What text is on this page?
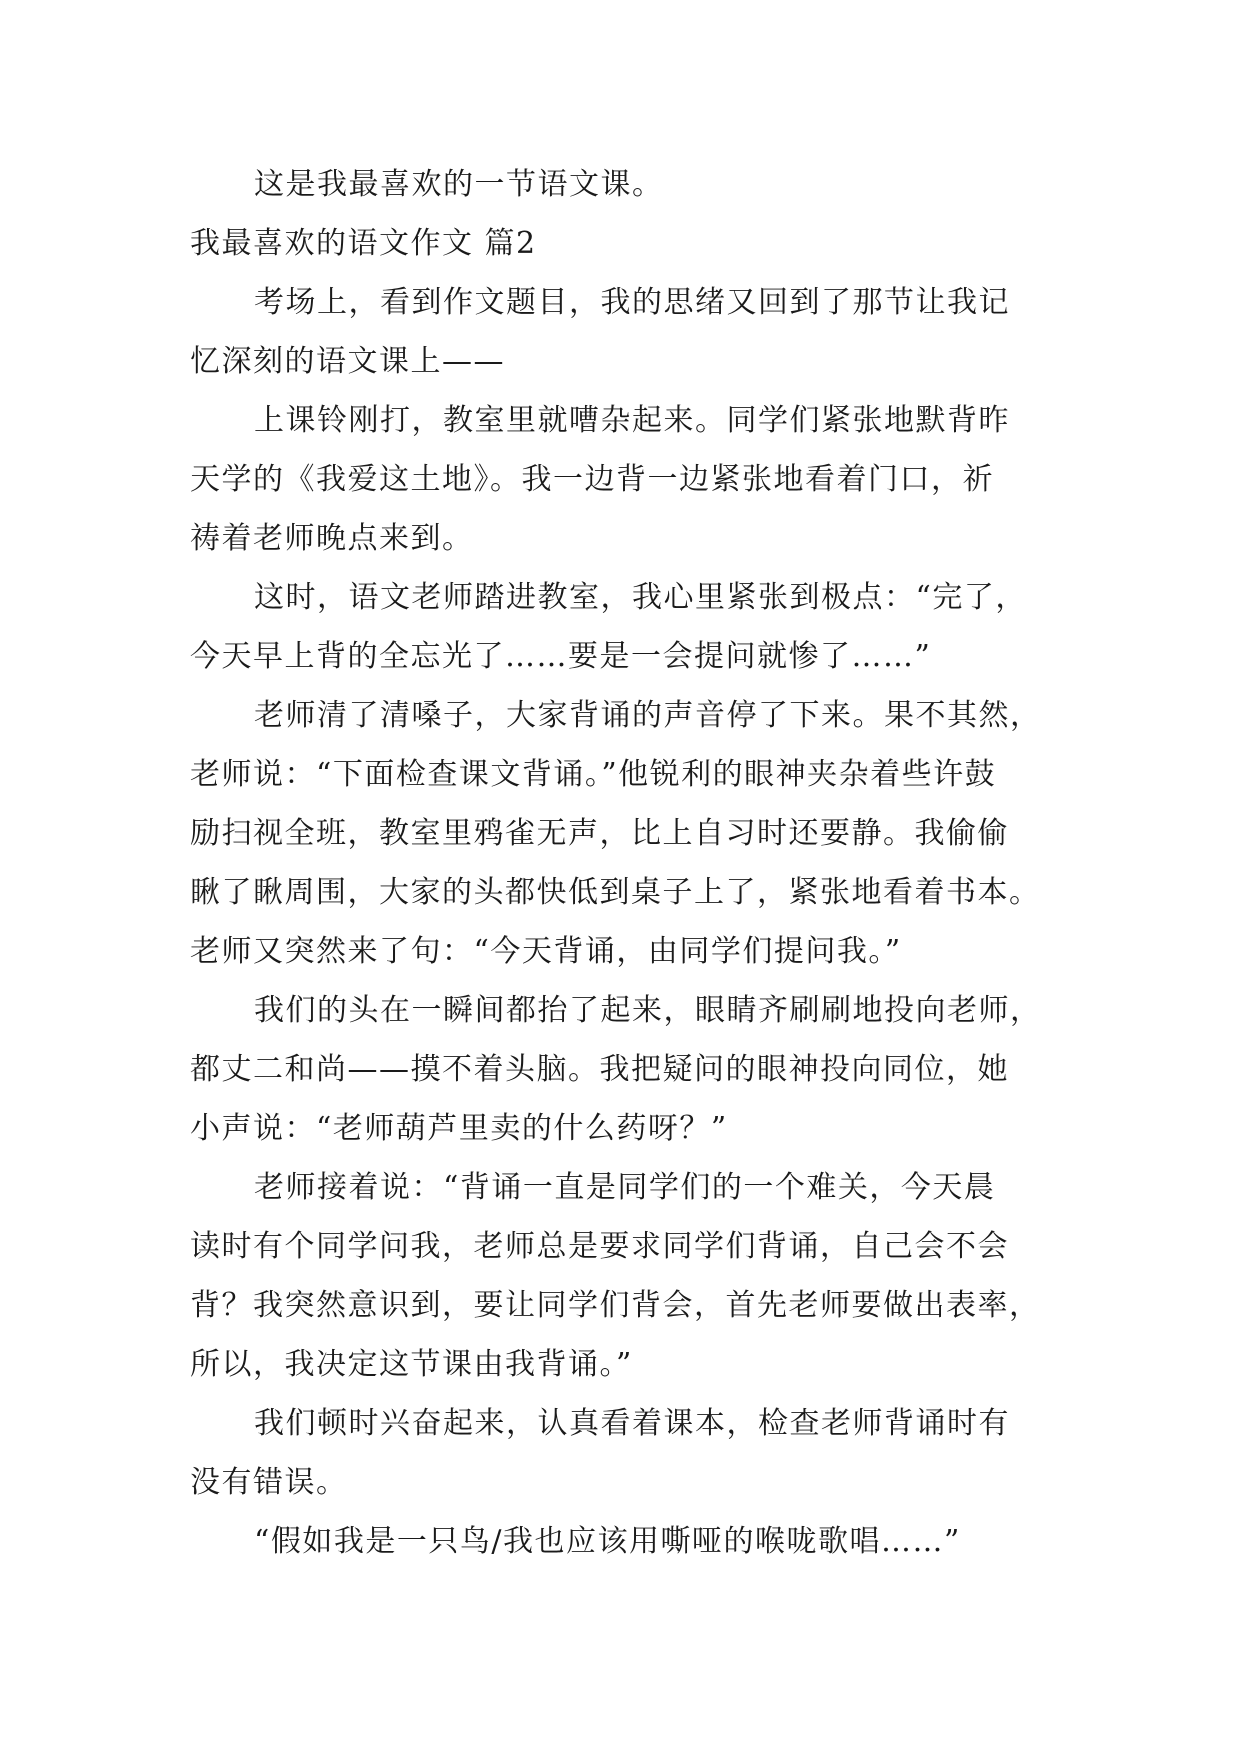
这是我最喜欢的一节语文课。
我最喜欢的语文作文 篇2
考场上，看到作文题目，我的思绪又回到了那节让我记
忆深刻的语文课上——
上课铃刚打，教室里就嘈杂起来。同学们紧张地默背昨
天学的《我爱这土地》。我一边背一边紧张地看着门口，祈
祷着老师晚点来到。
这时，语文老师踏进教室，我心里紧张到极点：“完了，
今天早上背的全忘光了……要是一会提问就惨了……”
老师清了清嗓子，大家背诵的声音停了下来。果不其然，
老师说：“下面检查课文背诵。”他锐利的眼神夹杂着些许鼓
励扫视全班，教室里鸦雀无声，比上自习时还要静。我偷偷
瞅了瞅周围，大家的头都快低到桌子上了，紧张地看着书本。
老师又突然来了句：“今天背诵，由同学们提问我。”
我们的头在一瞬间都抬了起来，眼睛齐刷刷地投向老师，
都丈二和尚——摸不着头脑。我把疑问的眼神投向同位，她
小声说：“老师葫芦里卖的什么药呀？”
老师接着说：“背诵一直是同学们的一个难关，今天晨
读时有个同学问我，老师总是要求同学们背诵，自己会不会
背？我突然意识到，要让同学们背会，首先老师要做出表率，
所以，我决定这节课由我背诵。”
我们顿时兴奋起来，认真看着课本，检查老师背诵时有
没有错误。
“假如我是一只鸟/我也应该用嘶哑的喉咙歌唱……”
